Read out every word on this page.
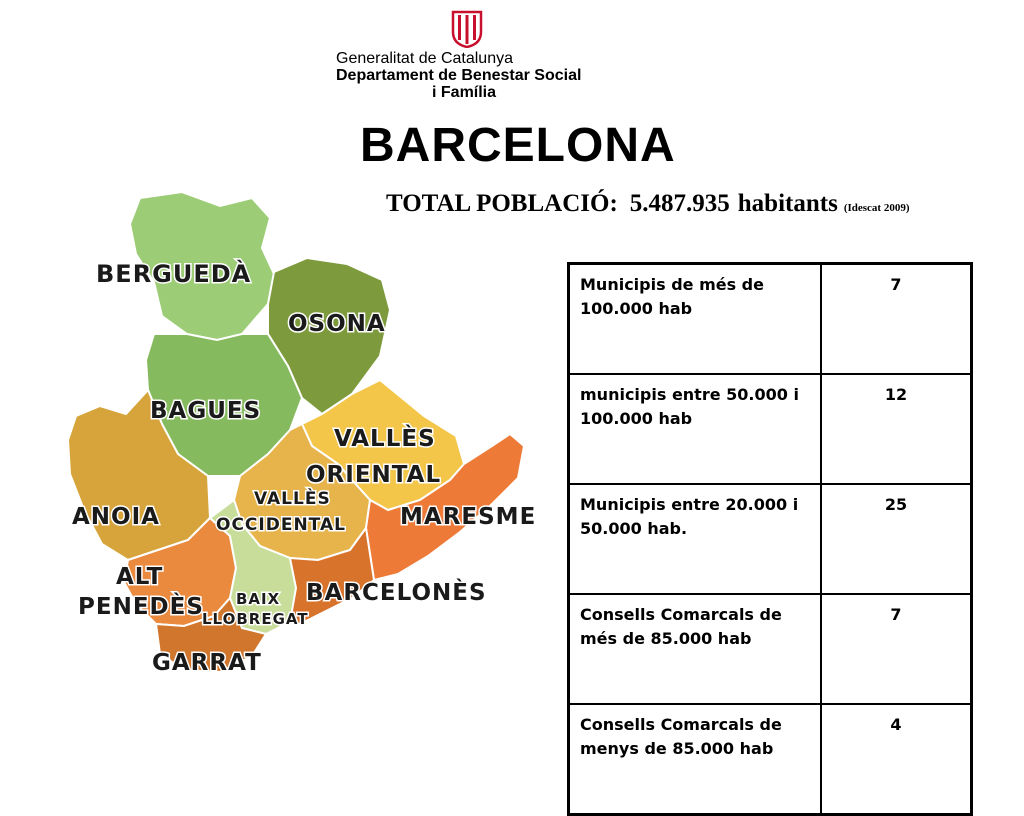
Generalitat de Catalunya
Departament de Benestar Social
i Família
BARCELONA
TOTAL POBLACIÓ: 5.487.935 habitants (Idescat 2009)
BERGUEDÀ
OSONA
BAGUES
VALLÈS
ORIENTAL
ANOIA
VALLÈS
OCCIDENTAL MARESME
ALT
PENEDÈS BAIX
LLOBREGAT
BARCELONÈS
GARRAT
Municipis de més de 100.000 hab	7
municipis entre 50.000 i 100.000 hab	12
Municipis entre 20.000 i 50.000 hab.	25
Consells Comarcals de més de 85.000 hab	7
Consells Comarcals de menys de 85.000 hab	4
